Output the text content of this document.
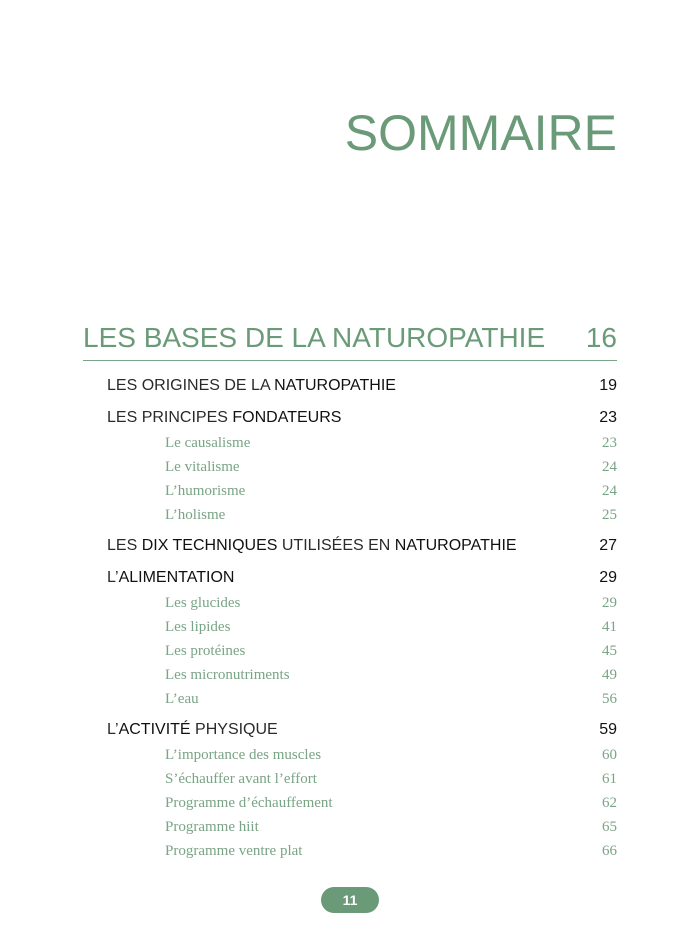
SOMMAIRE
LES BASES DE LA NATUROPATHIE 16
LES ORIGINES DE LA NATUROPATHIE	19
LES PRINCIPES FONDATEURS	23
Le causalisme	23
Le vitalisme	24
L’humorisme	24
L’holisme	25
LES DIX TECHNIQUES UTILISÉES EN NATUROPATHIE	27
L’ALIMENTATION	29
Les glucides	29
Les lipides	41
Les protéines	45
Les micronutriments	49
L’eau	56
L’ACTIVITÉ PHYSIQUE	59
L’importance des muscles	60
S’échauffer avant l’effort	61
Programme d’échauffement	62
Programme hiit	65
Programme ventre plat	66
11
